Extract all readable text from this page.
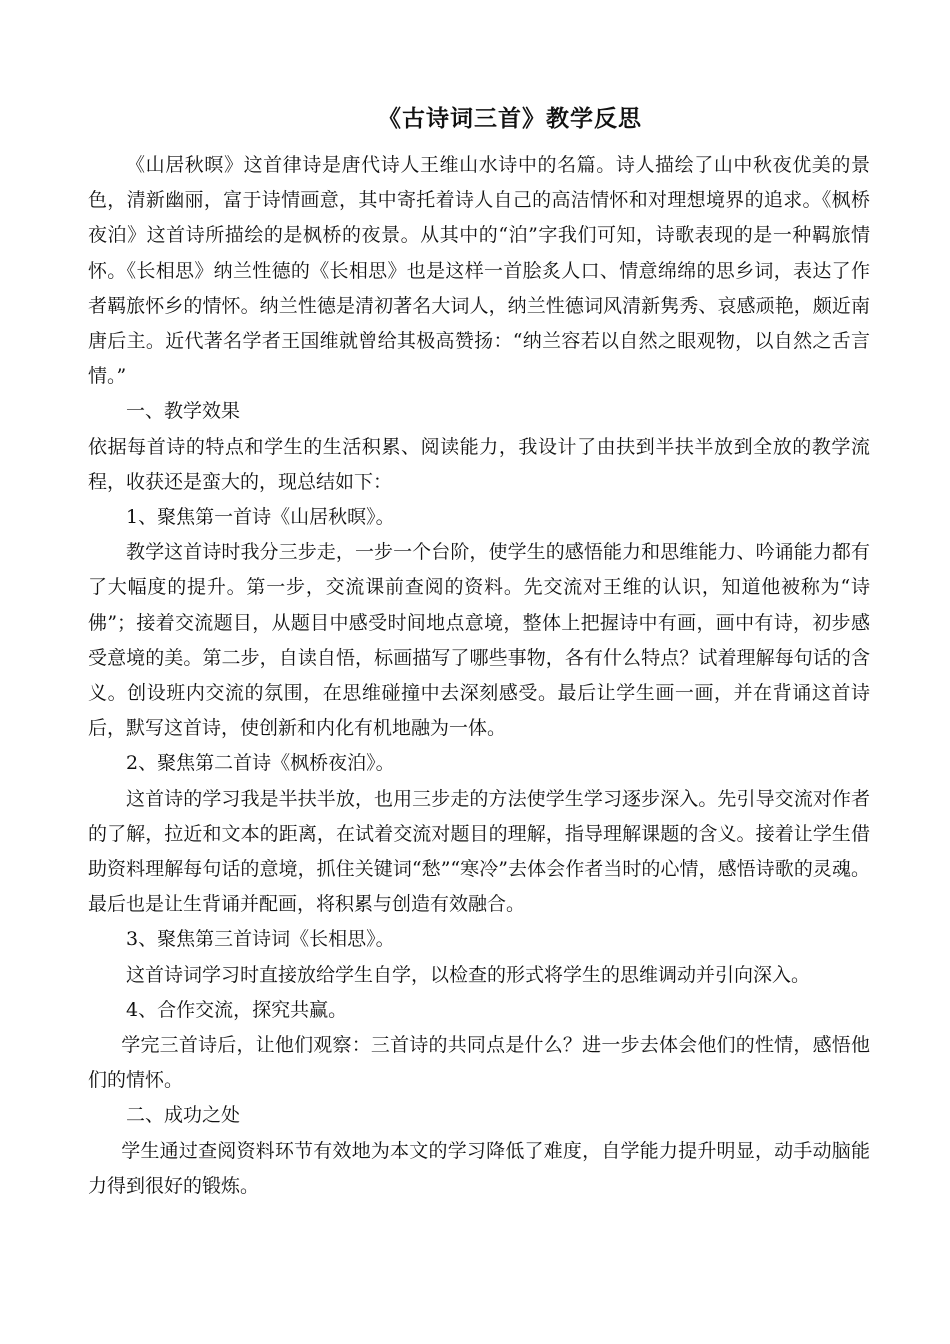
《古诗词三首》教学反思

《山居秋暝》这首律诗是唐代诗人王维山水诗中的名篇。诗人描绘了山中秋夜优美的景色，清新幽丽，富于诗情画意，其中寄托着诗人自己的高洁情怀和对理想境界的追求。《枫桥夜泊》这首诗所描绘的是枫桥的夜景。从其中的“泊”字我们可知，诗歌表现的是一种羁旅情怀。《长相思》纳兰性德的《长相思》也是这样一首脍炙人口、情意绵绵的思乡词，表达了作者羁旅怀乡的情怀。纳兰性德是清初著名大词人，纳兰性德词风清新隽秀、哀感顽艳，颇近南唐后主。近代著名学者王国维就曾给其极高赞扬：“纳兰容若以自然之眼观物，以自然之舌言情。”

一、教学效果

依据每首诗的特点和学生的生活积累、阅读能力，我设计了由扶到半扶半放到全放的教学流程，收获还是蛮大的，现总结如下：

1、聚焦第一首诗《山居秋暝》。

教学这首诗时我分三步走，一步一个台阶，使学生的感悟能力和思维能力、吟诵能力都有了大幅度的提升。第一步，交流课前查阅的资料。先交流对王维的认识，知道他被称为“诗佛”；接着交流题目，从题目中感受时间地点意境，整体上把握诗中有画，画中有诗，初步感受意境的美。第二步，自读自悟，标画描写了哪些事物，各有什么特点？试着理解每句话的含义。创设班内交流的氛围，在思维碰撞中去深刻感受。最后让学生画一画，并在背诵这首诗后，默写这首诗，使创新和内化有机地融为一体。

2、聚焦第二首诗《枫桥夜泊》。

这首诗的学习我是半扶半放，也用三步走的方法使学生学习逐步深入。先引导交流对作者的了解，拉近和文本的距离，在试着交流对题目的理解，指导理解课题的含义。接着让学生借助资料理解每句话的意境，抓住关键词“愁”“寒冷”去体会作者当时的心情，感悟诗歌的灵魂。最后也是让生背诵并配画，将积累与创造有效融合。

3、聚焦第三首诗词《长相思》。

这首诗词学习时直接放给学生自学，以检查的形式将学生的思维调动并引向深入。

4、合作交流，探究共赢。

学完三首诗后，让他们观察：三首诗的共同点是什么？进一步去体会他们的性情，感悟他们的情怀。

二、成功之处

学生通过查阅资料环节有效地为本文的学习降低了难度，自学能力提升明显，动手动脑能力得到很好的锻炼。
